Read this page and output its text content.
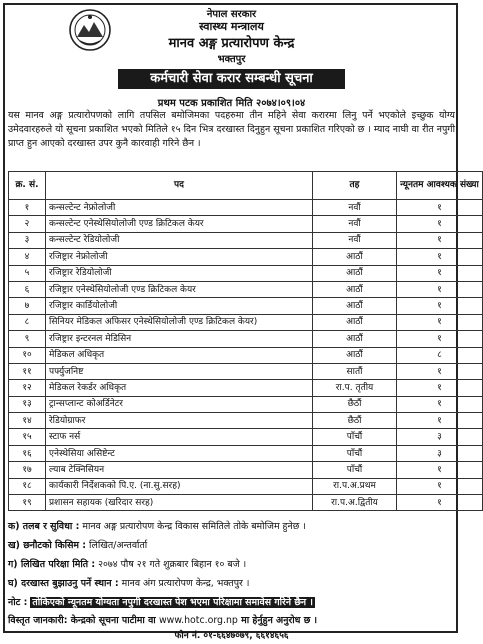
नेपाल सरकार
स्वास्थ्य मन्त्रालय
मानव अङ्ग प्रत्यारोपण केन्द्र
भक्तपुर
कर्मचारी सेवा करार सम्बन्धी सूचना
प्रथम पटक प्रकाशित मिति २०७४।०९।०४
यस मानव अङ्ग प्रत्यारोपणको लागि तपसिल बमोजिमका पदहरुमा तीन महिने सेवा करारमा लिनु पर्ने भएकोले इच्छुक योग्य उमेदवारहरुले यो सूचना प्रकाशित भएको मितिले १५ दिन भित्र दरखास्त दिनुहुन सूचना प्रकाशित गरिएको छ । म्याद नाघी वा रीत नपुगी प्राप्त हुन आएको दरखास्त उपर कुनै कारवाही गरिने छैन ।
क्र. सं.	पद	तह	न्यूनतम आवश्यक संख्या
१	कन्सल्टेन्ट नेफ्रोलोजी	नवौं	१
२	कन्सल्टेन्ट एनेस्थेसियोलोजी एण्ड क्रिटिकल केयर	नवौं	१
३	कन्सल्टेन्ट रेडियोलोजी	नवौं	१
४	रजिष्ट्रार नेफ्रोलोजी	आठौं	१
५	रजिष्ट्रार रेडियोलोजी	आठौं	१
६	रजिष्ट्रार एनेस्थेसियोलोजी एण्ड क्रिटिकल केयर	आठौं	१
७	रजिष्ट्रार कार्डियोलोजी	आठौं	१
८	सिनियर मेडिकल अफिसर एनेस्थेसियोलोजी एण्ड क्रिटिकल केयर)	आठौं	१
९	रजिष्ट्रार इन्टरनल मेडिसिन	आठौं	१
१०	मेडिकल अधिकृत	आठौं	८
११	पर्फ्युजनिष्ट	सातौं	१
१२	मेडिकल रेकर्डर अधिकृत	रा.प. तृतीय	१
१३	ट्रान्सप्लान्ट कोअर्डिनेटर	छैठौं	१
१४	रेडियोग्राफर	छैठौं	१
१५	स्टाफ नर्स	पाँचौं	३
१६	एनेस्थेसिया असिष्टेन्ट	पाँचौं	३
१७	ल्याब टेक्निसियन	पाँचौं	१
१८	कार्यकारी निर्देशकको पि.ए. (ना.सु.सरह)	रा.प.अ.प्रथम	१
१९	प्रशासन सहायक (खरिदार सरह)	रा.प.अ.द्वितीय	१
क) तलब र सुविधा : मानव अङ्ग प्रत्यारोपण केन्द्र विकास समितिले तोके बमोजिम हुनेछ ।
ख) छनौटको किसिम : लिखित/अन्तर्वार्ता
ग) लिखित परिक्षा मिति : २०७४ पौष २१ गते शुक्रबार बिहान १० बजे ।
घ) दरखास्त बुझाउनु पर्ने स्थान : मानव अंग प्रत्यारोपण केन्द्र, भक्तपुर ।
नोट : तोकिएको न्यूनतम योग्यता नपुगी दरखास्त पेश भएमा परिक्षामा समावेस गरिने छैन ।
विस्तृत जानकारी: केन्द्रको सूचना पाटीमा वा www.hotc.org.np मा हेर्नुहुन अनुरोध छ ।
फोन नं. ०१-६६४७०७९, ६६१४६५६
